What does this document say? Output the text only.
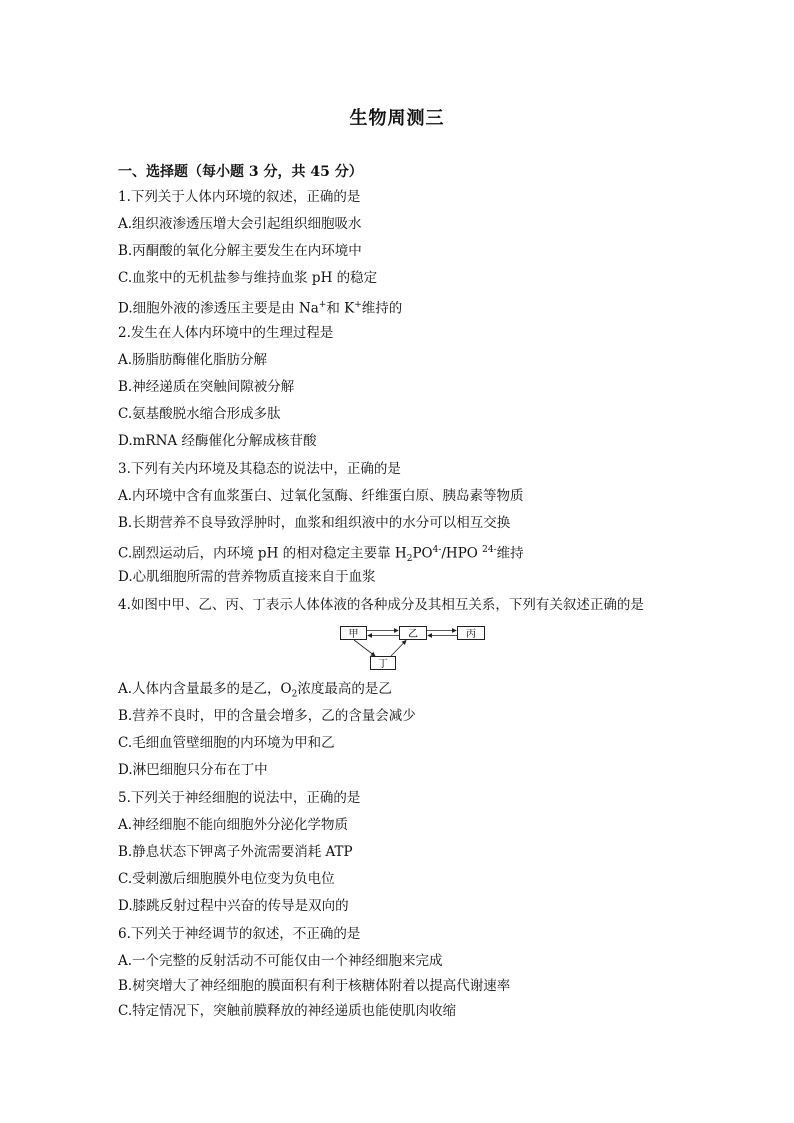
生物周测三
一、选择题（每小题 3 分，共 45 分）
1.下列关于人体内环境的叙述，正确的是
A.组织液渗透压增大会引起组织细胞吸水
B.丙酮酸的氧化分解主要发生在内环境中
C.血浆中的无机盐参与维持血浆 pH 的稳定
D.细胞外液的渗透压主要是由 Na+和 K+维持的
2.发生在人体内环境中的生理过程是
A.肠脂肪酶催化脂肪分解
B.神经递质在突触间隙被分解
C.氨基酸脱水缩合形成多肽
D.mRNA 经酶催化分解成核苷酸
3.下列有关内环境及其稳态的说法中，正确的是
A.内环境中含有血浆蛋白、过氧化氢酶、纤维蛋白原、胰岛素等物质
B.长期营养不良导致浮肿时，血浆和组织液中的水分可以相互交换
C.剧烈运动后，内环境 pH 的相对稳定主要靠 $H_2PO^{4-}$/HPO $^{24-}$维持
D.心肌细胞所需的营养物质直接来自于血浆
4.如图中甲、乙、丙、丁表示人体体液的各种成分及其相互关系，下列有关叙述正确的是
A.人体内含量最多的是乙，$O_2$浓度最高的是乙
B.营养不良时，甲的含量会增多，乙的含量会减少
C.毛细血管壁细胞的内环境为甲和乙
D.淋巴细胞只分布在丁中
5.下列关于神经细胞的说法中，正确的是
A.神经细胞不能向细胞外分泌化学物质
B.静息状态下钾离子外流需要消耗 ATP
C.受刺激后细胞膜外电位变为负电位
D.膝跳反射过程中兴奋的传导是双向的
6.下列关于神经调节的叙述，不正确的是
A.一个完整的反射活动不可能仅由一个神经细胞来完成
B.树突增大了神经细胞的膜面积有利于核糖体附着以提高代谢速率
C.特定情况下，突触前膜释放的神经递质也能使肌肉收缩
甲	乙	丙
丁
